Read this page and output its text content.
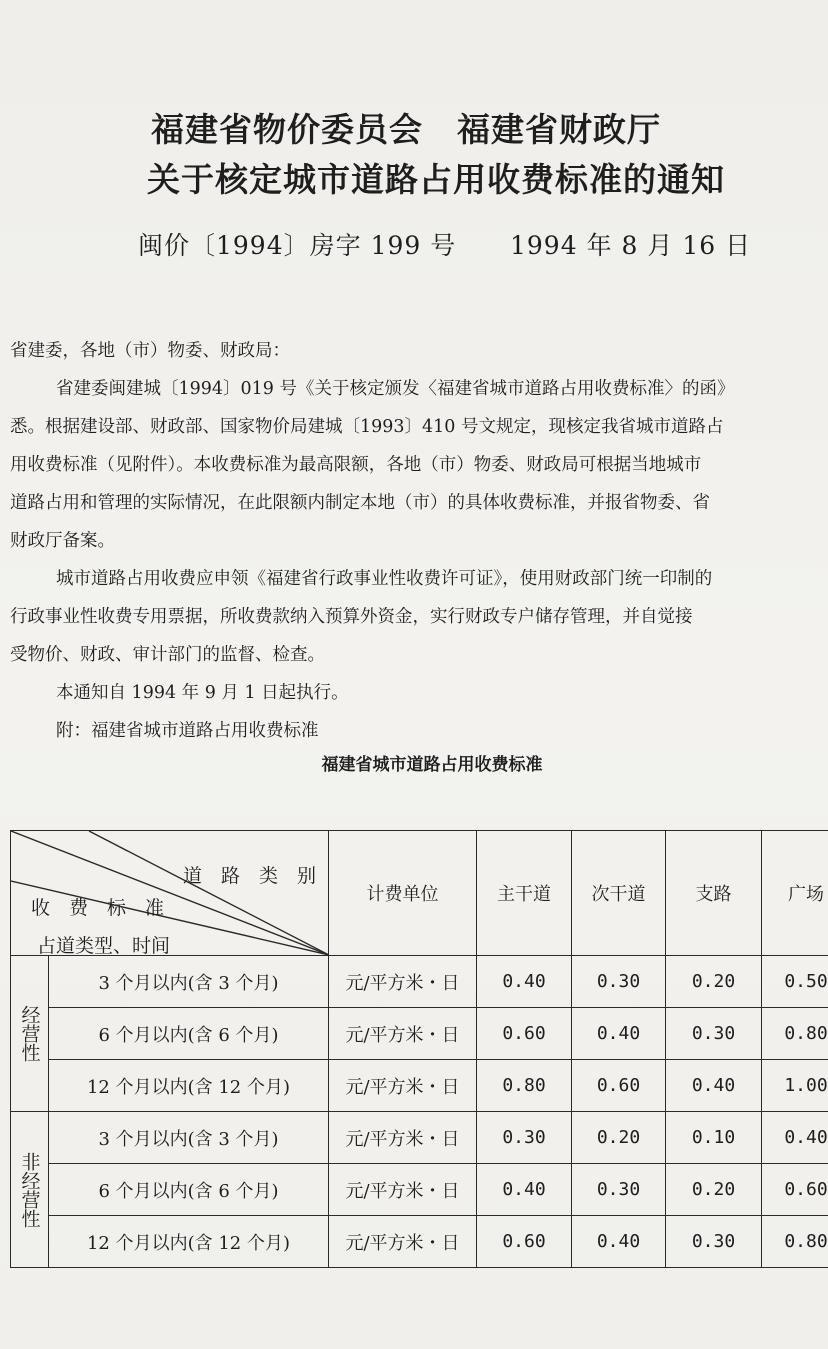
福建省物价委员会　福建省财政厅
关于核定城市道路占用收费标准的通知
闽价〔1994〕房字 199 号 1994 年 8 月 16 日
省建委，各地（市）物委、财政局：
省建委闽建城〔1994〕019 号《关于核定颁发〈福建省城市道路占用收费标准〉的函》
悉。根据建设部、财政部、国家物价局建城〔1993〕410 号文规定，现核定我省城市道路占
用收费标准（见附件）。本收费标准为最高限额，各地（市）物委、财政局可根据当地城市
道路占用和管理的实际情况，在此限额内制定本地（市）的具体收费标准，并报省物委、省
财政厅备案。
城市道路占用收费应申领《福建省行政事业性收费许可证》，使用财政部门统一印制的
行政事业性收费专用票据，所收费款纳入预算外资金，实行财政专户储存管理，并自觉接
受物价、财政、审计部门的监督、检查。
本通知自 1994 年 9 月 1 日起执行。
附：福建省城市道路占用收费标准
福建省城市道路占用收费标准
道　路　类　别
收　费　标　准
占道类型、时间		计费单位	主干道	次干道	支路	广场

经营性	3 个月以内(含 3 个月)	元/平方米・日	0.40	0.30	0.20	0.50
	6 个月以内(含 6 个月)	元/平方米・日	0.60	0.40	0.30	0.80
	12 个月以内(含 12 个月)	元/平方米・日	0.80	0.60	0.40	1.00

非经营性	3 个月以内(含 3 个月)	元/平方米・日	0.30	0.20	0.10	0.40
	6 个月以内(含 6 个月)	元/平方米・日	0.40	0.30	0.20	0.60
	12 个月以内(含 12 个月)	元/平方米・日	0.60	0.40	0.30	0.80
